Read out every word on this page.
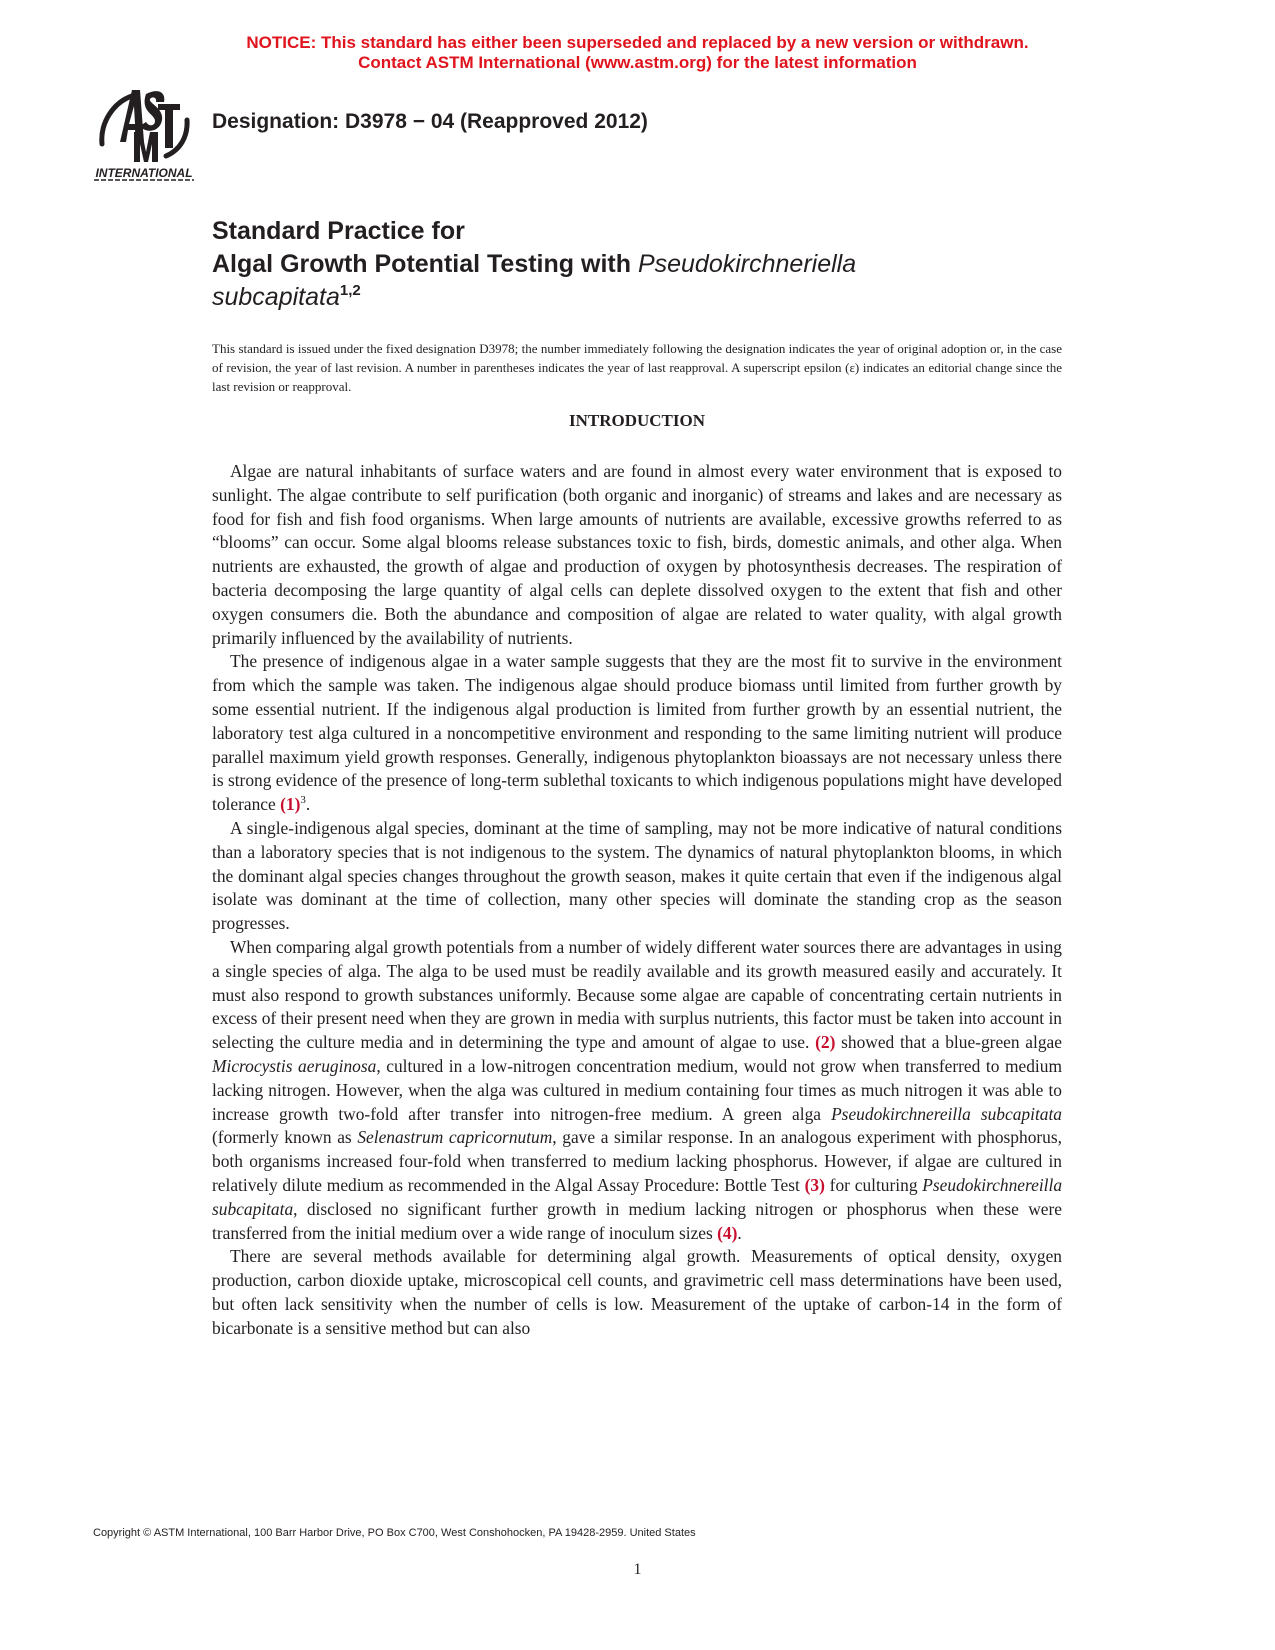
NOTICE: This standard has either been superseded and replaced by a new version or withdrawn.
Contact ASTM International (www.astm.org) for the latest information
INTERNATIONAL
Designation: D3978 − 04 (Reapproved 2012)
Standard Practice for
Algal Growth Potential Testing with Pseudokirchneriella
subcapitata$^{1,2}$
This standard is issued under the fixed designation D3978; the number immediately following the designation indicates the year of original adoption or, in the case of revision, the year of last revision. A number in parentheses indicates the year of last reapproval. A superscript epsilon (ε) indicates an editorial change since the last revision or reapproval.
INTRODUCTION

Algae are natural inhabitants of surface waters and are found in almost every water environment that is exposed to sunlight. The algae contribute to self purification (both organic and inorganic) of streams and lakes and are necessary as food for fish and fish food organisms. When large amounts of nutrients are available, excessive growths referred to as “blooms” can occur. Some algal blooms release substances toxic to fish, birds, domestic animals, and other alga. When nutrients are exhausted, the growth of algae and production of oxygen by photosynthesis decreases. The respiration of bacteria decomposing the large quantity of algal cells can deplete dissolved oxygen to the extent that fish and other oxygen consumers die. Both the abundance and composition of algae are related to water quality, with algal growth primarily influenced by the availability of nutrients.

The presence of indigenous algae in a water sample suggests that they are the most fit to survive in the environment from which the sample was taken. The indigenous algae should produce biomass until limited from further growth by some essential nutrient. If the indigenous algal production is limited from further growth by an essential nutrient, the laboratory test alga cultured in a noncompetitive environment and responding to the same limiting nutrient will produce parallel maximum yield growth responses. Generally, indigenous phytoplankton bioassays are not necessary unless there is strong evidence of the presence of long-term sublethal toxicants to which indigenous populations might have developed tolerance $(1)^3$.

A single-indigenous algal species, dominant at the time of sampling, may not be more indicative of natural conditions than a laboratory species that is not indigenous to the system. The dynamics of natural phytoplankton blooms, in which the dominant algal species changes throughout the growth season, makes it quite certain that even if the indigenous algal isolate was dominant at the time of collection, many other species will dominate the standing crop as the season progresses.

When comparing algal growth potentials from a number of widely different water sources there are advantages in using a single species of alga. The alga to be used must be readily available and its growth measured easily and accurately. It must also respond to growth substances uniformly. Because some algae are capable of concentrating certain nutrients in excess of their present need when they are grown in media with surplus nutrients, this factor must be taken into account in selecting the culture media and in determining the type and amount of algae to use. (2) showed that a blue-green algae Microcystis aeruginosa, cultured in a low-nitrogen concentration medium, would not grow when transferred to medium lacking nitrogen. However, when the alga was cultured in medium containing four times as much nitrogen it was able to increase growth two-fold after transfer into nitrogen-free medium. A green alga Pseudokirchnereilla subcapitata (formerly known as Selenastrum capricornutum, gave a similar response. In an analogous experiment with phosphorus, both organisms increased four-fold when transferred to medium lacking phosphorus. However, if algae are cultured in relatively dilute medium as recommended in the Algal Assay Procedure: Bottle Test (3) for culturing Pseudokirchnereilla subcapitata, disclosed no significant further growth in medium lacking nitrogen or phosphorus when these were transferred from the initial medium over a wide range of inoculum sizes (4).

There are several methods available for determining algal growth. Measurements of optical density, oxygen production, carbon dioxide uptake, microscopical cell counts, and gravimetric cell mass determinations have been used, but often lack sensitivity when the number of cells is low. Measurement of the uptake of carbon-14 in the form of bicarbonate is a sensitive method but can also

Copyright © ASTM International, 100 Barr Harbor Drive, PO Box C700, West Conshohocken, PA 19428-2959. United States
1
